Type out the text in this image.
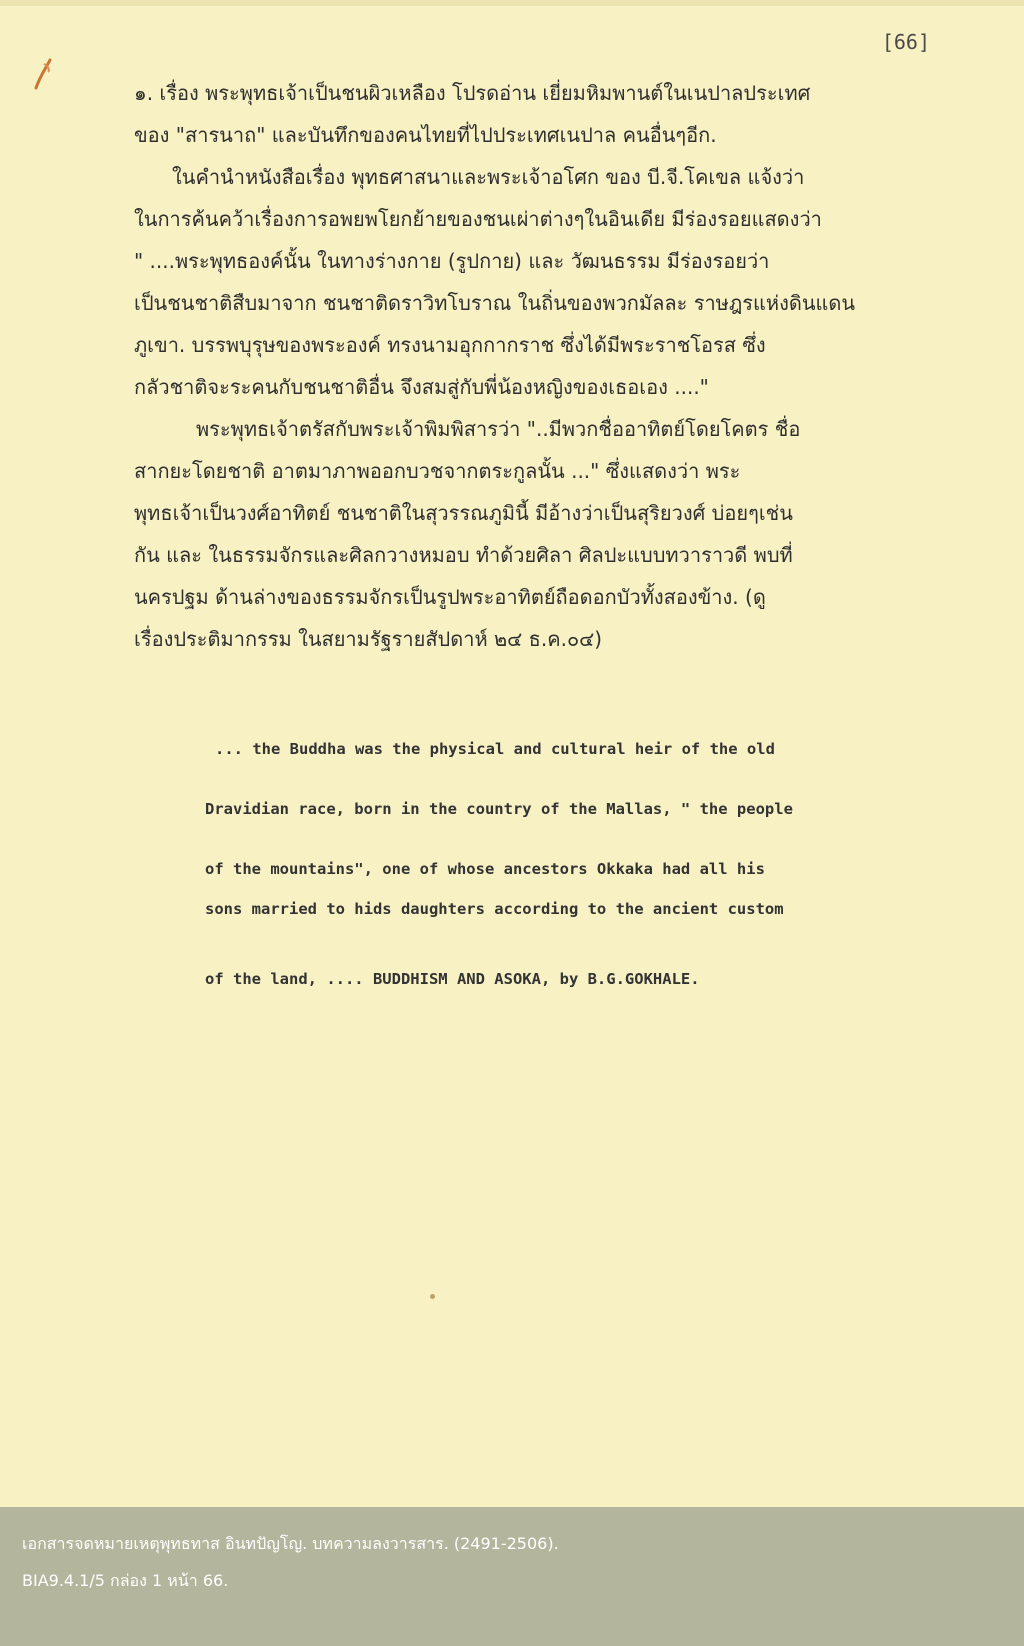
[66]

๑. เรื่อง พระพุทธเจ้าเป็นชนผิวเหลือง โปรดอ่าน เยี่ยมหิมพานต์ในเนปาลประเทศ

ของ "สารนาถ" และบันทึกของคนไทยที่ไปประเทศเนปาล คนอื่นๆอีก.

ในคำนำหนังสือเรื่อง พุทธศาสนาและพระเจ้าอโศก ของ บี.จี.โคเขล แจ้งว่า

ในการค้นคว้าเรื่องการอพยพโยกย้ายของชนเผ่าต่างๆในอินเดีย มีร่องรอยแสดงว่า

" ....พระพุทธองค์นั้น ในทางร่างกาย (รูปกาย) และ วัฒนธรรม มีร่องรอยว่า

เป็นชนชาติสืบมาจาก ชนชาติดราวิทโบราณ ในถิ่นของพวกมัลละ ราษฎรแห่งดินแดน

ภูเขา. บรรพบุรุษของพระองค์ ทรงนามอุกกากราช ซึ่งได้มีพระราชโอรส ซึ่ง

กลัวชาติจะระคนกับชนชาติอื่น จึงสมสู่กับพี่น้องหญิงของเธอเอง ...."

พระพุทธเจ้าตรัสกับพระเจ้าพิมพิสารว่า "..มีพวกชื่ออาทิตย์โดยโคตร ชื่อ

สากยะโดยชาติ อาตมาภาพออกบวชจากตระกูลนั้น ..." ซึ่งแสดงว่า พระ

พุทธเจ้าเป็นวงศ์อาทิตย์ ชนชาติในสุวรรณภูมินี้ มีอ้างว่าเป็นสุริยวงศ์ บ่อยๆเช่น

กัน และ ในธรรมจักรและศิลกวางหมอบ ทำด้วยศิลา ศิลปะแบบทวาราวดี พบที่

นครปฐม ด้านล่างของธรรมจักรเป็นรูปพระอาทิตย์ถือดอกบัวทั้งสองข้าง. (ดู

เรื่องประติมากรรม ในสยามรัฐรายสัปดาห์ ๒๔ ธ.ค.๐๔)

... the Buddha was the physical and cultural heir of the old

Dravidian race, born in the country of the Mallas, " the people

of the mountains", one of whose ancestors Okkaka had all his

sons married to hids daughters according to the ancient custom

of the land, .... BUDDHISM AND ASOKA, by B.G.GOKHALE.

เอกสารจดหมายเหตุพุทธทาส อินทปัญโญ. บทความลงวารสาร. (2491-2506).
BIA9.4.1/5 กล่อง 1 หน้า 66.
